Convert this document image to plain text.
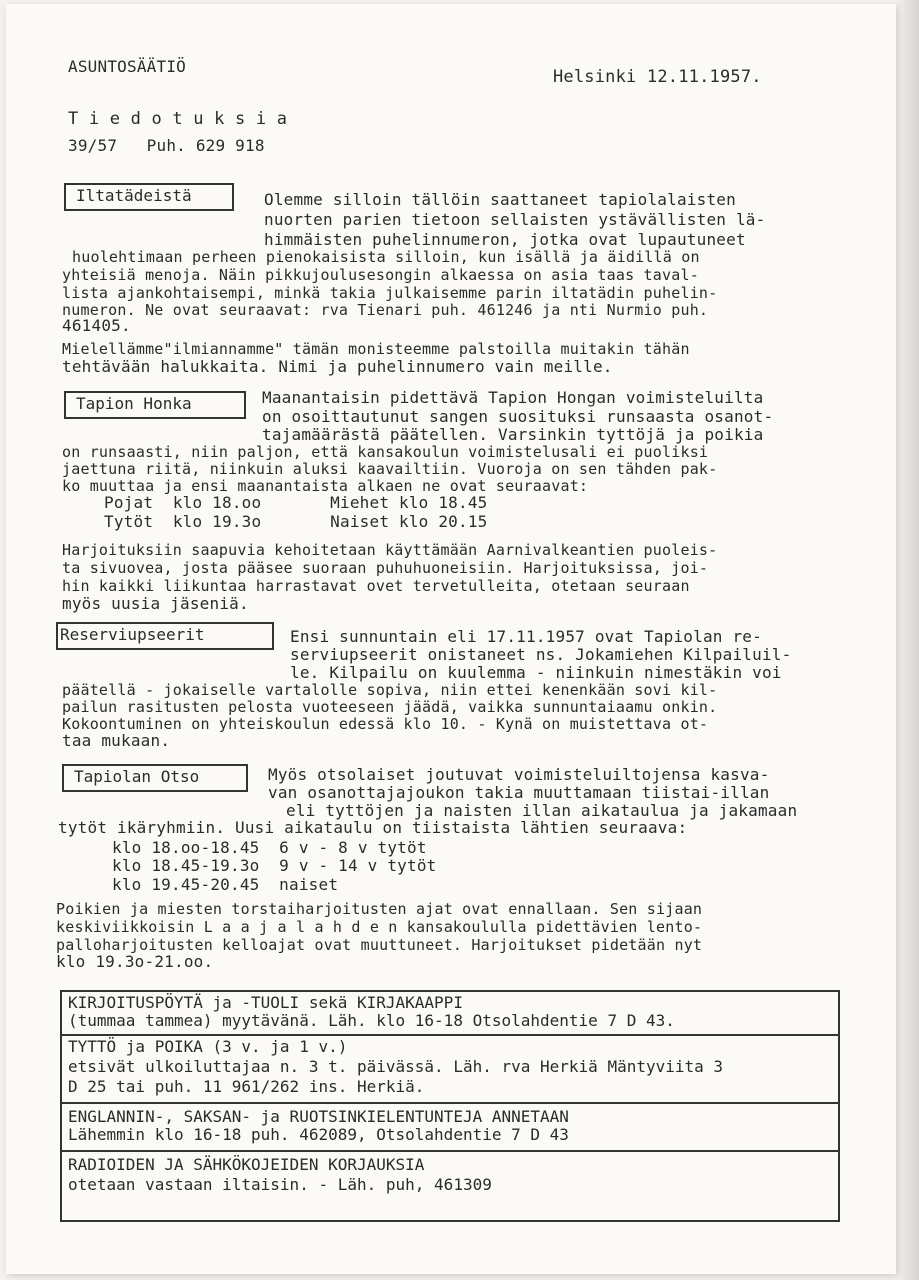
ASUNTOSÄÄTIÖ
Helsinki 12.11.1957.
T i e d o t u k s i a
39/57   Puh. 629 918
Iltatädeistä	Olemme silloin tällöin saattaneet tapiolalaisten
nuorten parien tietoon sellaisten ystävällisten lä-
himmäisten puhelinnumeron, jotka ovat lupautuneet
huolehtimaan perheen pienokaisista silloin, kun isällä ja äidillä on
yhteisiä menoja. Näin pikkujoulusesongin alkaessa on asia taas taval-
lista ajankohtaisempi, minkä takia julkaisemme parin iltatädin puhelin-
numeron. Ne ovat seuraavat: rva Tienari puh. 461246 ja nti Nurmio puh.
461405.
Mielellämme"ilmiannamme" tämän monisteemme palstoilla muitakin tähän
tehtävään halukkaita. Nimi ja puhelinnumero vain meille.
Tapion Honka	Maanantaisin pidettävä Tapion Hongan voimisteluilta
on osoittautunut sangen suosituksi runsaasta osanot-
tajamäärästä päätellen. Varsinkin tyttöjä ja poikia
on runsaasti, niin paljon, että kansakoulun voimistelusali ei puoliksi
jaettuna riitä, niinkuin aluksi kaavailtiin. Vuoroja on sen tähden pak-
ko muuttaa ja ensi maanantaista alkaen ne ovat seuraavat:
Pojat  klo 18.oo       Miehet klo 18.45
Tytöt  klo 19.3o       Naiset klo 20.15
Harjoituksiin saapuvia kehoitetaan käyttämään Aarnivalkeantien puoleis-
ta sivuovea, josta pääsee suoraan puhuhuoneisiin. Harjoituksissa, joi-
hin kaikki liikuntaa harrastavat ovet tervetulleita, otetaan seuraan
myös uusia jäseniä.
Reserviupseerit	Ensi sunnuntain eli 17.11.1957 ovat Tapiolan re-
serviupseerit onistaneet ns. Jokamiehen Kilpailuil-
le. Kilpailu on kuulemma - niinkuin nimestäkin voi
päätellä - jokaiselle vartalolle sopiva, niin ettei kenenkään sovi kil-
pailun rasitusten pelosta vuoteeseen jäädä, vaikka sunnuntaiaamu onkin.
Kokoontuminen on yhteiskoulun edessä klo 10. - Kynä on muistettava ot-
taa mukaan.
Tapiolan Otso	Myös otsolaiset joutuvat voimisteluiltojensa kasva-
van osanottajajoukon takia muuttamaan tiistai-illan
eli tyttöjen ja naisten illan aikataulua ja jakamaan
tytöt ikäryhmiin. Uusi aikataulu on tiistaista lähtien seuraava:
klo 18.oo-18.45  6 v - 8 v tytöt
klo 18.45-19.3o  9 v - 14 v tytöt
klo 19.45-20.45  naiset
Poikien ja miesten torstaiharjoitusten ajat ovat ennallaan. Sen sijaan
keskiviikkoisin L a a j a l a h d e n kansakoululla pidettävien lento-
palloharjoitusten kelloajat ovat muuttuneet. Harjoitukset pidetään nyt
klo 19.3o-21.oo.
KIRJOITUSPÖYTÄ ja -TUOLI sekä KIRJAKAAPPI
(tummaa tammea) myytävänä. Läh. klo 16-18 Otsolahdentie 7 D 43.
TYTTÖ ja POIKA (3 v. ja 1 v.)
etsivät ulkoiluttajaa n. 3 t. päivässä. Läh. rva Herkiä Mäntyviita 3
D 25 tai puh. 11 961/262 ins. Herkiä.
ENGLANNIN-, SAKSAN- ja RUOTSINKIELENTUNTEJA ANNETAAN
Lähemmin klo 16-18 puh. 462089, Otsolahdentie 7 D 43
RADIOIDEN JA SÄHKÖKOJEIDEN KORJAUKSIA
otetaan vastaan iltaisin. - Läh. puh, 461309
